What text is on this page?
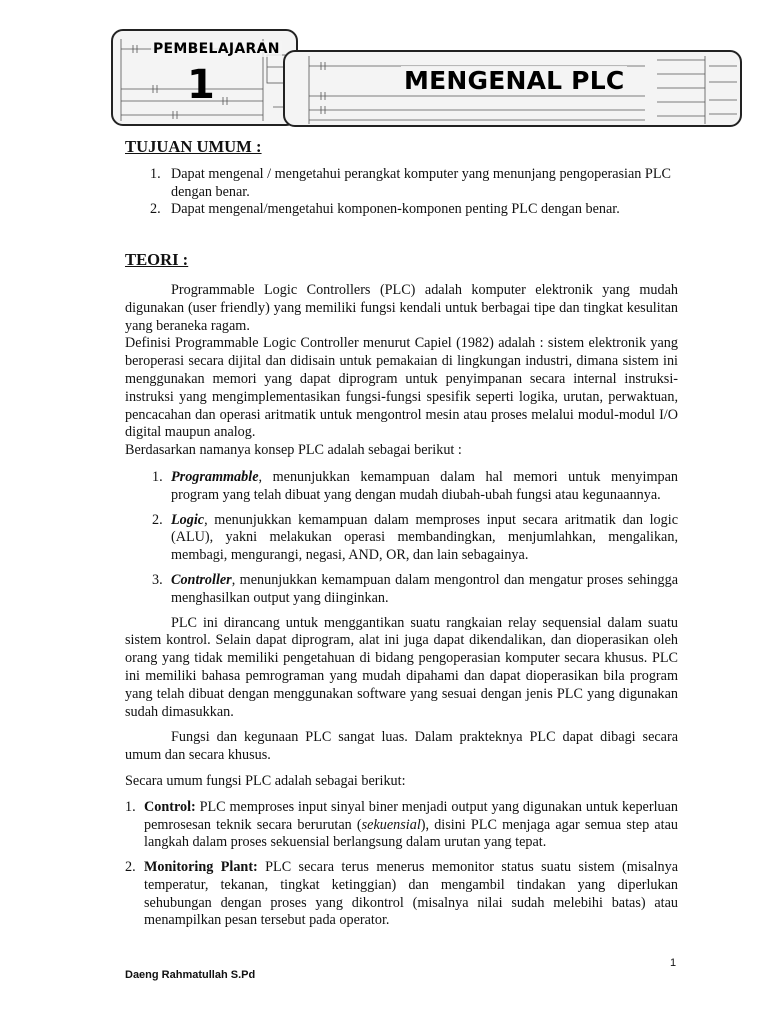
PEMBELAJARAN
1	MENGENAL PLC
TUJUAN UMUM :
1. Dapat mengenal / mengetahui perangkat komputer yang menunjang pengoperasian PLC dengan benar.
2. Dapat mengenal/mengetahui komponen-komponen penting PLC dengan benar.
TEORI :

Programmable Logic Controllers (PLC) adalah komputer elektronik yang mudah digunakan (user friendly) yang memiliki fungsi kendali untuk berbagai tipe dan tingkat kesulitan yang beraneka ragam.

Definisi Programmable Logic Controller menurut Capiel (1982) adalah : sistem elektronik yang beroperasi secara dijital dan didisain untuk pemakaian di lingkungan industri, dimana sistem ini menggunakan memori yang dapat diprogram untuk penyimpanan secara internal instruksi-instruksi yang mengimplementasikan fungsi-fungsi spesifik seperti logika, urutan, perwaktuan, pencacahan dan operasi aritmatik untuk mengontrol mesin atau proses melalui modul-modul I/O digital maupun analog.

Berdasarkan namanya konsep PLC adalah sebagai berikut :

1. Programmable, menunjukkan kemampuan dalam hal memori untuk menyimpan program yang telah dibuat yang dengan mudah diubah-ubah fungsi atau kegunaannya.
2. Logic, menunjukkan kemampuan dalam memproses input secara aritmatik dan logic (ALU), yakni melakukan operasi membandingkan, menjumlahkan, mengalikan, membagi, mengurangi, negasi, AND, OR, dan lain sebagainya.
3. Controller, menunjukkan kemampuan dalam mengontrol dan mengatur proses sehingga menghasilkan output yang diinginkan.

PLC ini dirancang untuk menggantikan suatu rangkaian relay sequensial dalam suatu sistem kontrol. Selain dapat diprogram, alat ini juga dapat dikendalikan, dan dioperasikan oleh orang yang tidak memiliki pengetahuan di bidang pengoperasian komputer secara khusus. PLC ini memiliki bahasa pemrograman yang mudah dipahami dan dapat dioperasikan bila program yang telah dibuat dengan menggunakan software yang sesuai dengan jenis PLC yang digunakan sudah dimasukkan.

Fungsi dan kegunaan PLC sangat luas. Dalam prakteknya PLC dapat dibagi secara umum dan secara khusus.

Secara umum fungsi PLC adalah sebagai berikut:

1. Control: PLC memproses input sinyal biner menjadi output yang digunakan untuk keperluan pemrosesan teknik secara berurutan (sekuensial), disini PLC menjaga agar semua step atau langkah dalam proses sekuensial berlangsung dalam urutan yang tepat.
2. Monitoring Plant: PLC secara terus menerus memonitor status suatu sistem (misalnya temperatur, tekanan, tingkat ketinggian) dan mengambil tindakan yang diperlukan sehubungan dengan proses yang dikontrol (misalnya nilai sudah melebihi batas) atau menampilkan pesan tersebut pada operator.
1
Daeng Rahmatullah S.Pd
